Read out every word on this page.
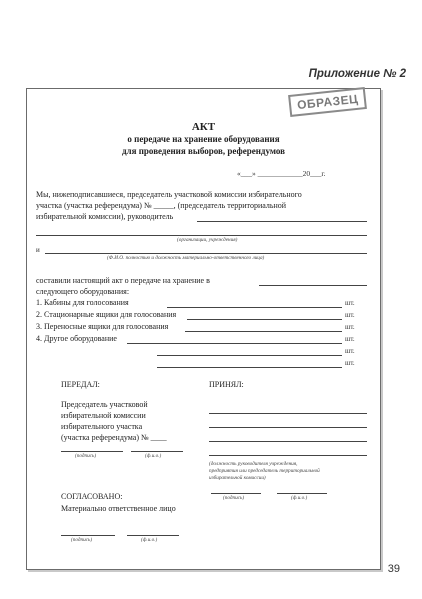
Приложение № 2
ОБРАЗЕЦ
АКТ
о передаче на хранение оборудования
для проведения выборов, референдумов
«___» ____________20___г.
Мы, нижеподписавшиеся, председатель участковой комиссии избирательного
участка (участка референдума) № _____, (председатель территориальной
избирательной комиссии), руководитель
(организации, учреждения)
и
(Ф.И.О. полностью и должность материально-ответственного лица)
составили настоящий акт о передаче на хранение в
следующего оборудования:
1. Кабины для голосования	шт.
2. Стационарные ящики для голосования	шт.
3. Переносные ящики для голосования	шт.
4. Другое оборудование	шт.
шт.
шт.
ПЕРЕДАЛ:
Председатель участковой
избирательной комиссии
избирательного участка
(участка референдума) № ____
(подпись)	(ф.и.о.)
ПРИНЯЛ:
(должность руководителя учреждения,
предприятия или председатель территориальной
избирательной комиссии)
(подпись)	(ф.и.о.)
СОГЛАСОВАНО:
Материально ответственное лицо
(подпись)	(ф.и.о.)
39
